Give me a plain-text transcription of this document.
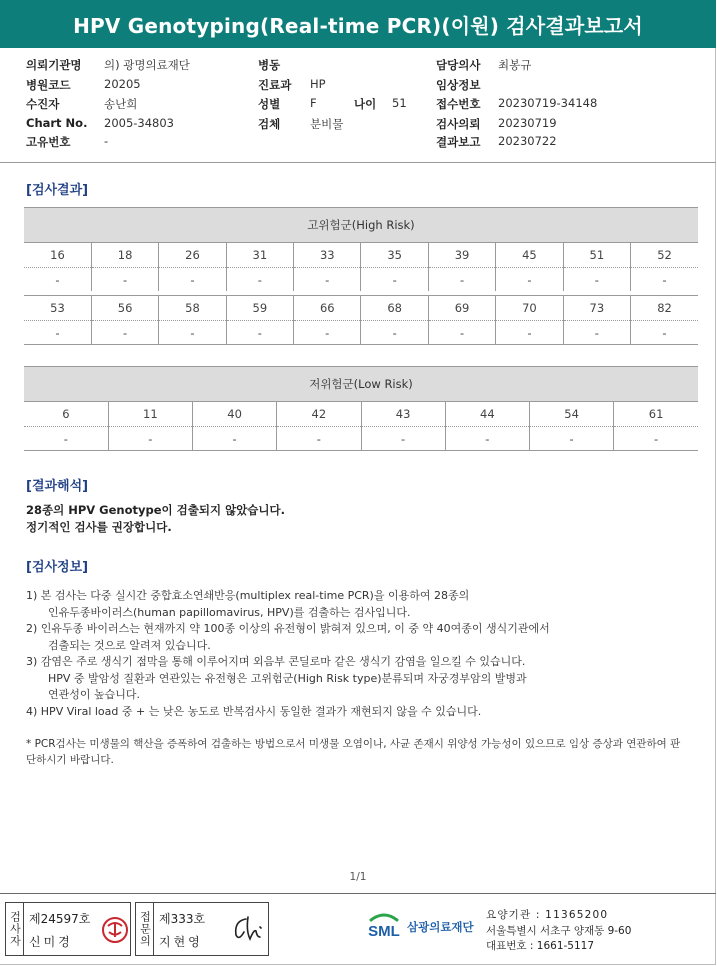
HPV Genotyping(Real-time PCR)(이원) 검사결과보고서
의뢰기관명 의) 광명의료재단
병원코드	20205
수진자	송난희
Chart No. 2005-34803
고유번호	-
병동
진료과 HP
성별	F	나이 51
검체	분비물
담당의사 최봉규
임상정보
접수번호 20230719-34148
검사의뢰 20230719
결과보고 20230722
[검사결과]
고위험군(High Risk)									
16	18	26	31	33	35	39	45	51	52
-	-	-	-	-	-	-	-	-	-

53	56	58	59	66	68	69	70	73	82
-	-	-	-	-	-	-	-	-	-
저위험군(Low Risk)							
6	11	40	42	43	44	54	61
-	-	-	-	-	-	-	-
[결과해석]
28종의 HPV Genotype이 검출되지 않았습니다.
정기적인 검사를 권장합니다.
[검사정보]

1) 본 검사는 다중 실시간 중합효소연쇄반응(multiplex real-time PCR)을 이용하여 28종의

인유두종바이러스(human papillomavirus, HPV)를 검출하는 검사입니다.

2) 인유두종 바이러스는 현재까지 약 100종 이상의 유전형이 밝혀져 있으며, 이 중 약 40여종이 생식기관에서

검출되는 것으로 알려져 있습니다.

3) 감염은 주로 생식기 점막을 통해 이루어지며 외음부 콘딜로마 같은 생식기 감염을 일으킬 수 있습니다.

HPV 중 발암성 질환과 연관있는 유전형은 고위험군(High Risk type)분류되며 자궁경부암의 발병과

연관성이 높습니다.

4) HPV Viral load 중 + 는 낮은 농도로 반복검사시 동일한 결과가 재현되지 않을 수 있습니다.

* PCR검사는 미생물의 핵산을 증폭하여 검출하는 방법으로서 미생물 오염이나, 사균 존재시 위양성 가능성이 있으므로 임상 증상과 연관하여 판단하시기 바랍니다.
1/1
검사자 제24597호
신미경	접문의 제333호
지현영
SML 삼광의료재단
요양기관 : 11365200
서울특별시 서초구 양재동 9-60
대표번호 : 1661-5117
